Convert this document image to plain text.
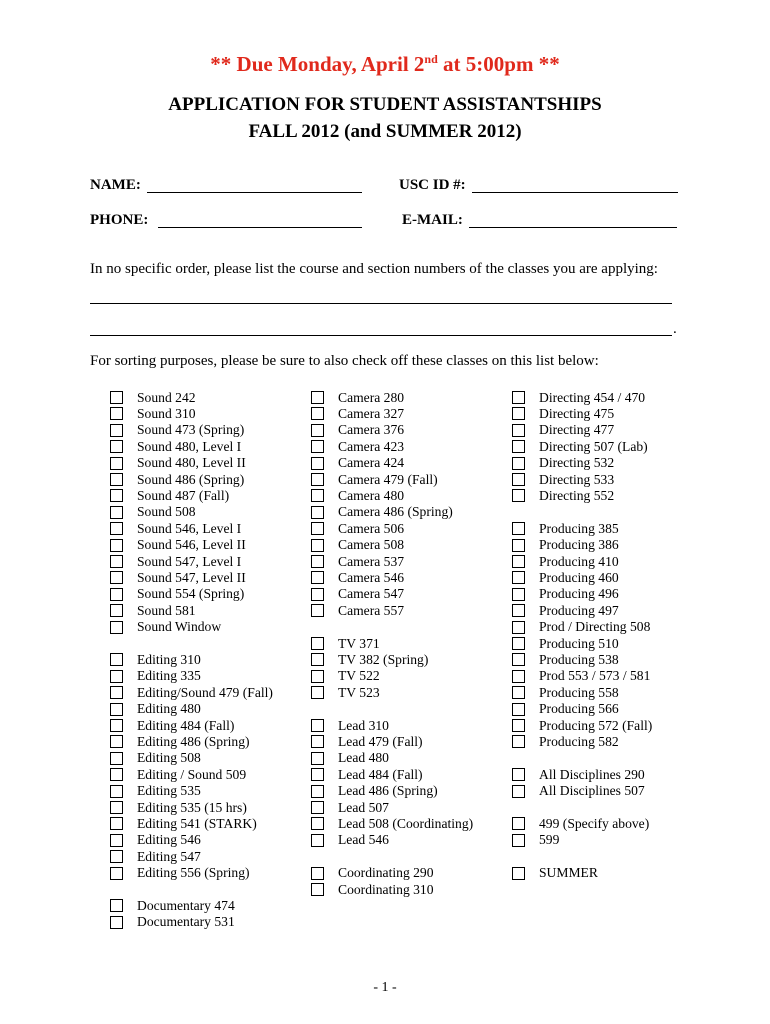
** Due Monday, April 2nd at 5:00pm **
APPLICATION FOR STUDENT ASSISTANTSHIPS
FALL 2012 (and SUMMER 2012)
NAME:	USC ID #:
PHONE:	E-MAIL:
In no specific order, please list the course and section numbers of the classes you are applying:
.
For sorting purposes, please be sure to also check off these classes on this list below:
Sound 242
Sound 310
Sound 473 (Spring)
Sound 480, Level I
Sound 480, Level II
Sound 486 (Spring)
Sound 487 (Fall)
Sound 508
Sound 546, Level I
Sound 546, Level II
Sound 547, Level I
Sound 547, Level II
Sound 554 (Spring)
Sound 581
Sound Window
Editing 310
Editing 335
Editing/Sound 479 (Fall)
Editing 480
Editing 484 (Fall)
Editing 486 (Spring)
Editing 508
Editing / Sound 509
Editing 535
Editing 535 (15 hrs)
Editing 541 (STARK)
Editing 546
Editing 547
Editing 556 (Spring)
Documentary 474
Documentary 531
Camera 280
Camera 327
Camera 376
Camera 423
Camera 424
Camera 479 (Fall)
Camera 480
Camera 486 (Spring)
Camera 506
Camera 508
Camera 537
Camera 546
Camera 547
Camera 557
TV 371
TV 382 (Spring)
TV 522
TV 523
Lead 310
Lead 479 (Fall)
Lead 480
Lead 484 (Fall)
Lead 486 (Spring)
Lead 507
Lead 508 (Coordinating)
Lead 546
Coordinating 290
Coordinating 310
Directing 454 / 470
Directing 475
Directing 477
Directing 507 (Lab)
Directing 532
Directing 533
Directing 552
Producing 385
Producing 386
Producing 410
Producing 460
Producing 496
Producing 497
Prod / Directing 508
Producing 510
Producing 538
Prod 553 / 573 / 581
Producing 558
Producing 566
Producing 572 (Fall)
Producing 582
All Disciplines 290
All Disciplines 507
499 (Specify above)
599
SUMMER
- 1 -
